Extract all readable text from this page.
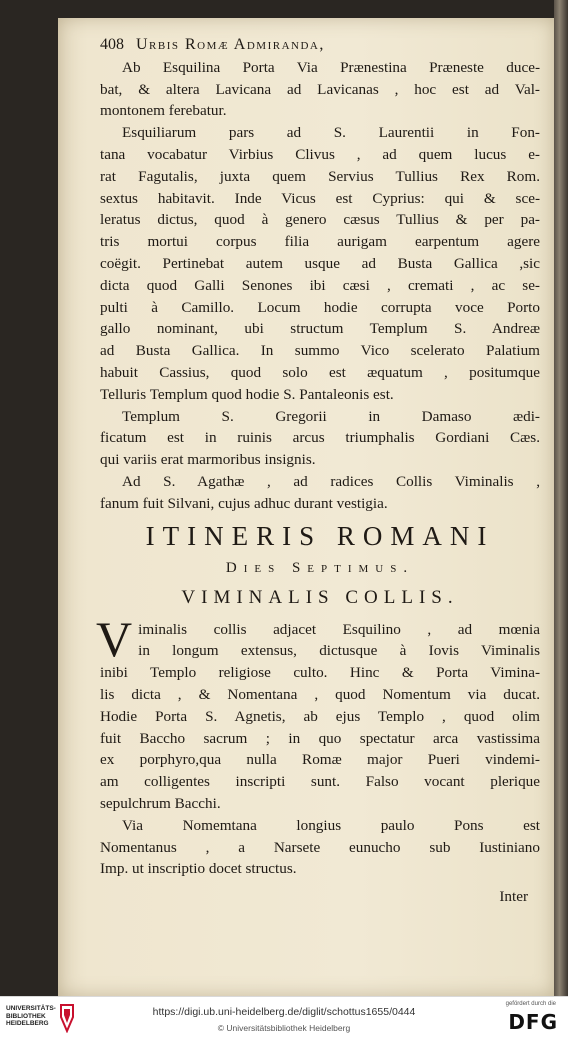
408 Urbis Romæ Admiranda,
Ab Esquilina Porta Via Prænestina Præneste duce-
bat, & altera Lavicana ad Lavicanas , hoc est ad Val-
montonem ferebatur.
Esquiliarum pars ad S. Laurentii in Fon-
tana vocabatur Virbius Clivus , ad quem lucus e-
rat Fagutalis, juxta quem Servius Tullius Rex Rom.
sextus habitavit. Inde Vicus est Cyprius: qui & sce-
leratus dictus, quod à genero cæsus Tullius & per pa-
tris mortui corpus filia aurigam earpentum agere
coëgit. Pertinebat autem usque ad Busta Gallica ,sic
dicta quod Galli Senones ibi cæsi , cremati , ac se-
pulti à Camillo. Locum hodie corrupta voce Porto
gallo nominant, ubi structum Templum S. Andreæ
ad Busta Gallica. In summo Vico scelerato Palatium
habuit Cassius, quod solo est æquatum , positumque
Telluris Templum quod hodie S. Pantaleonis est.
Templum S. Gregorii in Damaso ædi-
ficatum est in ruinis arcus triumphalis Gordiani Cæs.
qui variis erat marmoribus insignis.
Ad S. Agathæ , ad radices Collis Viminalis ,
fanum fuit Silvani, cujus adhuc durant vestigia.
ITINERIS ROMANI
Dies Septimus.
VIMINALIS COLLIS.
V iminalis collis adjacet Esquilino , ad mœnia
in longum extensus, dictusque à Iovis Viminalis
inibi Templo religiose culto. Hinc & Porta Vimina-
lis dicta , & Nomentana , quod Nomentum via ducat.
Hodie Porta S. Agnetis, ab ejus Templo , quod olim
fuit Baccho sacrum ; in quo spectatur arca vastissima
ex porphyro,qua nulla Romæ major Pueri vindemi-
am colligentes inscripti sunt. Falso vocant plerique
sepulchrum Bacchi.
Via Nomemtana longius paulo Pons est
Nomentanus , a Narsete eunucho sub Iustiniano
Imp. ut inscriptio docet structus.
Inter
UNIVERSITÄTS-
BIBLIOTHEK
HEIDELBERG
https://digi.ub.uni-heidelberg.de/diglit/schottus1655/0444
© Universitätsbibliothek Heidelberg
gefördert durch die
DFG
